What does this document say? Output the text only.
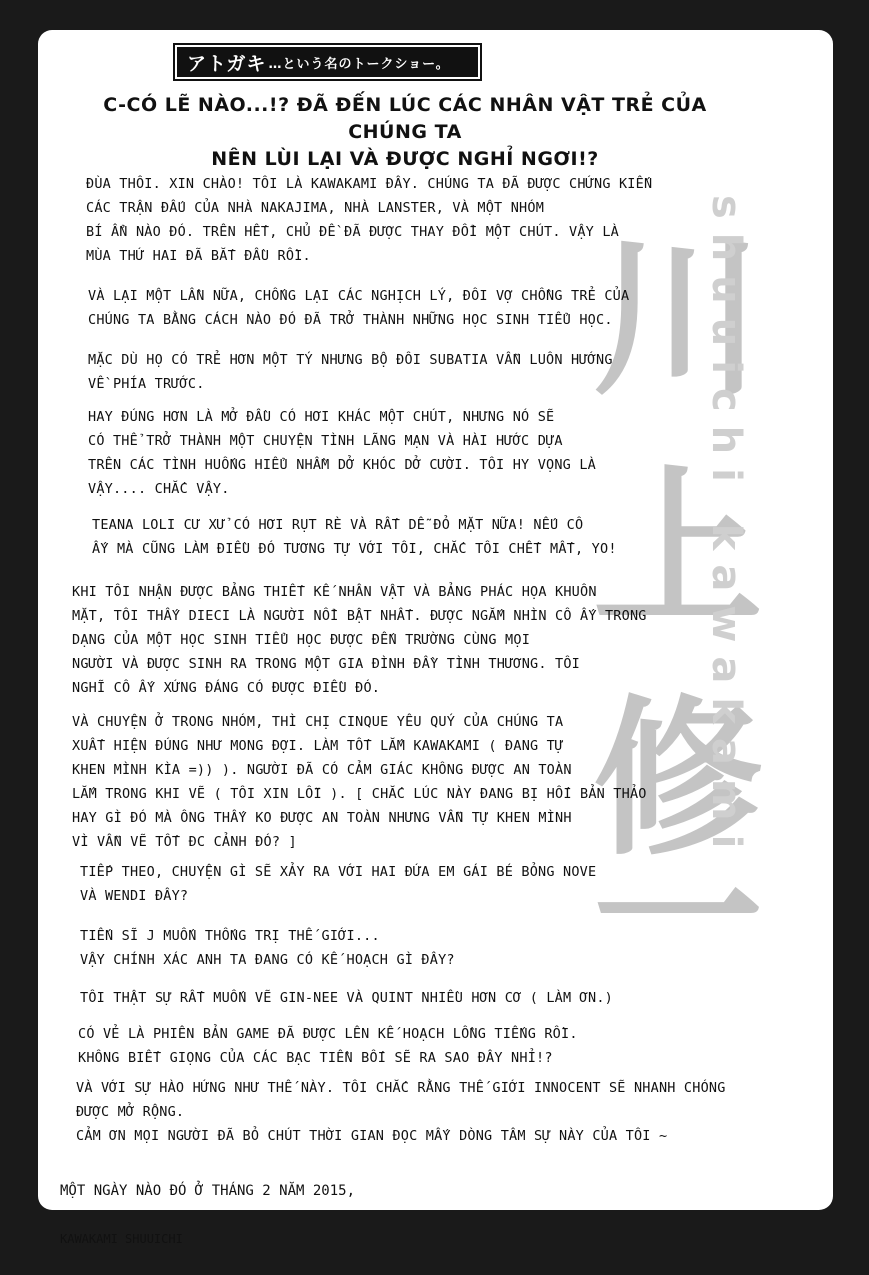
アトガキ …という名のトークショー。
C-CÓ LẼ NÀO...!? ĐÃ ĐẾN LÚC CÁC NHÂN VẬT TRẺ CỦA CHÚNG TA
NÊN LÙI LẠI VÀ ĐƯỢC NGHỈ NGƠI!?
川
上
修
一
shuuichi kawakami
ĐÙA THÔI. XIN CHÀO! TÔI LÀ KAWAKAMI ĐÂY. CHÚNG TA ĐÃ ĐƯỢC CHỨNG KIẾN
CÁC TRẬN ĐẤU CỦA NHÀ NAKAJIMA, NHÀ LANSTER, VÀ MỘT NHÓM
BÍ ẨN NÀO ĐÓ. TRÊN HẾT, CHỦ ĐỀ ĐÃ ĐƯỢC THAY ĐỔI MỘT CHÚT. VẬY LÀ
MÙA THỨ HAI ĐÃ BẮT ĐẦU RỒI.
VÀ LẠI MỘT LẦN NỮA, CHỐNG LẠI CÁC NGHỊCH LÝ, ĐÔI VỢ CHỒNG TRẺ CỦA
CHÚNG TA BẰNG CÁCH NÀO ĐÓ ĐÃ TRỞ THÀNH NHỮNG HỌC SINH TIỂU HỌC.
MẶC DÙ HỌ CÓ TRẺ HƠN MỘT TÝ NHƯNG BỘ ĐÔI SUBATIA VẪN LUÔN HƯỚNG
VỀ PHÍA TRƯỚC.
HAY ĐÚNG HƠN LÀ MỞ ĐẦU CÓ HƠI KHÁC MỘT CHÚT, NHƯNG NÓ SẼ
CÓ THỂ TRỞ THÀNH MỘT CHUYỆN TÌNH LÃNG MẠN VÀ HÀI HƯỚC DỰA
TRÊN CÁC TÌNH HUỐNG HIỂU NHẦM DỞ KHÓC DỞ CƯỜI. TÔI HY VỌNG LÀ
VẬY.... CHẮC VẬY.
TEANA LOLI CƯ XỬ CÓ HƠI RỤT RÈ VÀ RẤT DỄ ĐỎ MẶT NỮA! NẾU CÔ
ẤY MÀ CŨNG LÀM ĐIỀU ĐÓ TƯƠNG TỰ VỚI TÔI, CHẮC TÔI CHẾT MẤT, YO!
KHI TÔI NHẬN ĐƯỢC BẢNG THIẾT KẾ NHÂN VẬT VÀ BẢNG PHÁC HỌA KHUÔN
MẶT, TÔI THẤY DIECI LÀ NGƯỜI NỔI BẬT NHẤT. ĐƯỢC NGẮM NHÌN CÔ ẤY TRONG
DẠNG CỦA MỘT HỌC SINH TIỂU HỌC ĐƯỢC ĐẾN TRƯỜNG CÙNG MỌI
NGƯỜI VÀ ĐƯỢC SINH RA TRONG MỘT GIA ĐÌNH ĐẦY TÌNH THƯƠNG. TÔI
NGHĨ CÔ ẤY XỨNG ĐÁNG CÓ ĐƯỢC ĐIỀU ĐÓ.
VÀ CHUYỆN Ở TRONG NHÓM, THÌ CHỊ CINQUE YÊU QUÝ CỦA CHÚNG TA
XUẤT HIỆN ĐÚNG NHƯ MONG ĐỢI. LÀM TỐT LẮM KAWAKAMI ( ĐANG TỰ
KHEN MÌNH KÌA =)) ). NGƯỜI ĐÃ CÓ CẢM GIÁC KHÔNG ĐƯỢC AN TOÀN
LẮM TRONG KHI VẼ ( TÔI XIN LỖI ). [ CHẮC LÚC NÀY ĐANG BỊ HỐI BẢN THẢO
HAY GÌ ĐÓ MÀ ÔNG THẤY KO ĐƯỢC AN TOÀN NHƯNG VẪN TỰ KHEN MÌNH
VÌ VẪN VẼ TỐT ĐC CẢNH ĐÓ? ]
TIẾP THEO, CHUYỆN GÌ SẼ XẢY RA VỚI HAI ĐỨA EM GÁI BÉ BỎNG NOVE
VÀ WENDI ĐÂY?
TIẾN SĨ J MUỐN THỐNG TRỊ THẾ GIỚI...
VẬY CHÍNH XÁC ANH TA ĐANG CÓ KẾ HOẠCH GÌ ĐÂY?
TÔI THẬT SỰ RẤT MUỐN VẼ GIN-NEE VÀ QUINT NHIỀU HƠN CƠ ( LÀM ƠN.)
CÓ VẺ LÀ PHIÊN BẢN GAME ĐÃ ĐƯỢC LÊN KẾ HOẠCH LỒNG TIẾNG RỒI.
KHÔNG BIẾT GIỌNG CỦA CÁC BẠC TIỀN BỐI SẼ RA SAO ĐÂY NHỈ!?
VÀ VỚI SỰ HÀO HỨNG NHƯ THẾ NÀY. TÔI CHẮC RẰNG THẾ GIỚI INNOCENT SẼ NHANH CHÓNG
ĐƯỢC MỞ RỘNG.
CẢM ƠN MỌI NGƯỜI ĐÃ BỎ CHÚT THỜI GIAN ĐỌC MẤY DÒNG TÂM SỰ NÀY CỦA TÔI ~

MỘT NGÀY NÀO ĐÓ Ở THÁNG 2 NĂM 2015,

KAWAKAMI SHUUICHI
